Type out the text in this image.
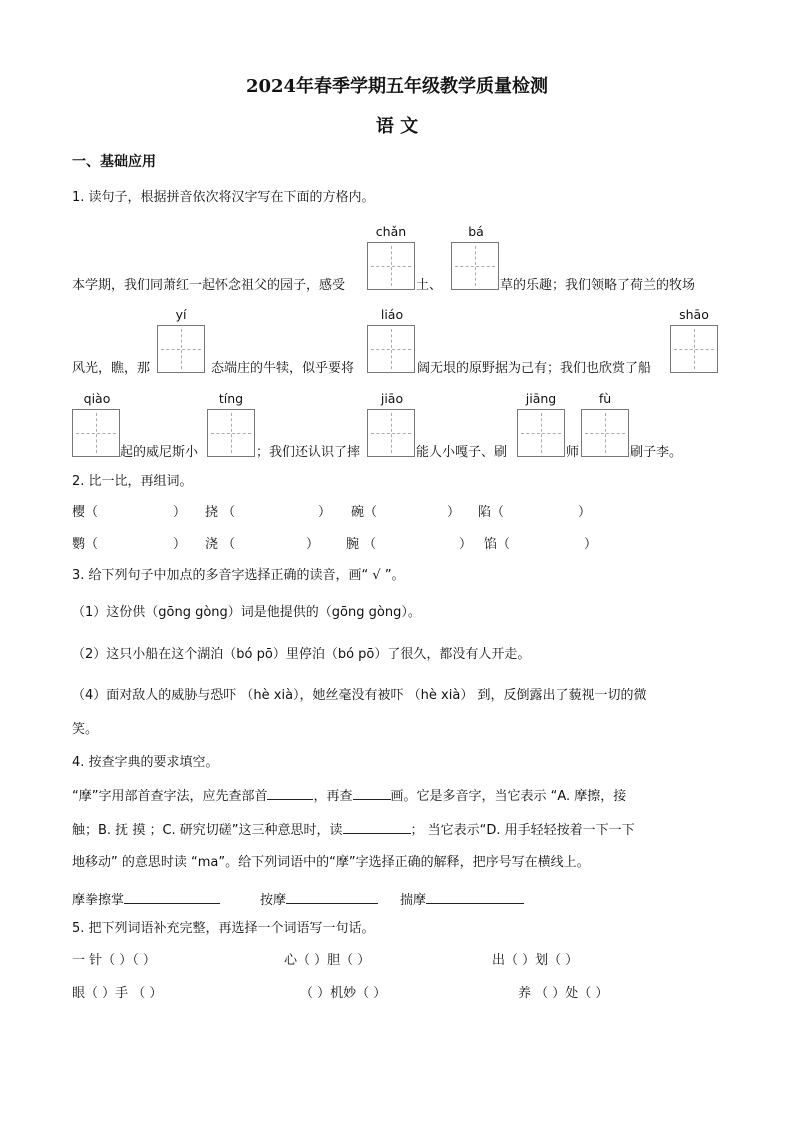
2024年春季学期五年级教学质量检测
语 文
一、基础应用
1. 读句子，根据拼音依次将汉字写在下面的方格内。
chǎn	bá
本学期，我们同萧红一起怀念祖父的园子，感受	土、	草的乐趣；我们领略了荷兰的牧场
yí	liáo	shāo
风光，瞧，那	态端庄的牛犊，似乎要将	阔无垠的原野据为己有；我们也欣赏了船
qiào	tíng	jiāo	jiāng	fù
起的威尼斯小	；我们还认识了摔	能人小嘎子、刷	师	刷子李。
2. 比一比，再组词。
樱（	） 挠 （	） 碗（	） 陷（	）
鹦（	） 浇 （	） 腕 （	） 馅（	）
3. 给下列句子中加点的多音字选择正确的读音，画“ √ ”。
（1）这份供（gōng gòng）词是他提供的（gōng gòng）。
（2）这只小船在这个湖泊（bó pō）里停泊（bó pō）了很久，都没有人开走。
（4）面对敌人的威胁与恐吓 （hè xià），她丝毫没有被吓 （hè xià） 到，反倒露出了藐视一切的微
笑。
4. 按查字典的要求填空。
“摩”字用部首查字法，应先查部首	，再查	画。它是多音字，当它表示 “A. 摩擦，接
触；B. 抚 摸 ；C. 研究切磋”这三种意思时，读	； 当它表示“D. 用手轻轻按着一下一下
地移动” 的意思时读 “ma”。给下列词语中的“摩”字选择正确的解释，把序号写在横线上。
摩拳擦掌	按摩	揣摩
5. 把下列词语补充完整，再选择一个词语写一句话。
一 针（ ）（ ）	心（ ）胆（ ）	出（ ）划（ ）
眼（ ）手 （ ）	（ ）机妙（ ）	养 （ ）处（ ）
